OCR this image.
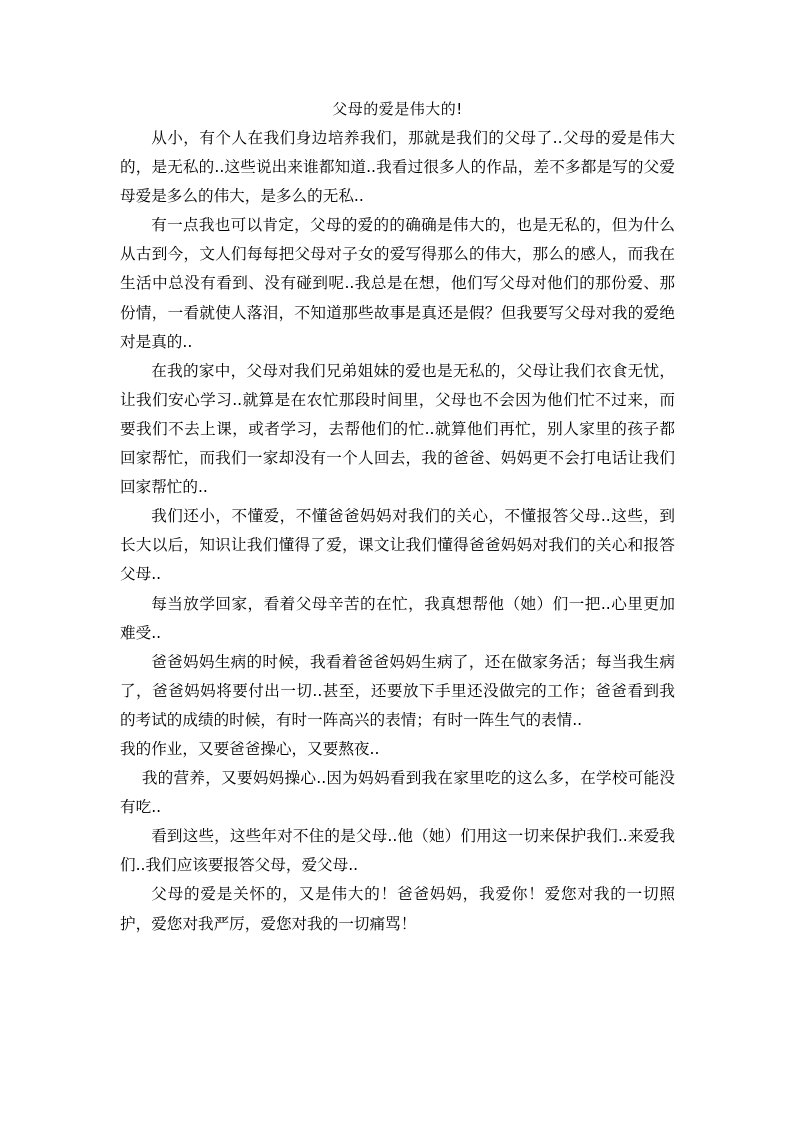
父母的爱是伟大的!

从小，有个人在我们身边培养我们，那就是我们的父母了..父母的爱是伟大的，是无私的..这些说出来谁都知道..我看过很多人的作品，差不多都是写的父爱母爱是多么的伟大，是多么的无私..

有一点我也可以肯定，父母的爱的的确确是伟大的，也是无私的，但为什么从古到今，文人们每每把父母对子女的爱写得那么的伟大，那么的感人，而我在生活中总没有看到、没有碰到呢..我总是在想，他们写父母对他们的那份爱、那份情，一看就使人落泪，不知道那些故事是真还是假？但我要写父母对我的爱绝对是真的..

在我的家中，父母对我们兄弟姐妹的爱也是无私的，父母让我们衣食无忧，让我们安心学习..就算是在农忙那段时间里，父母也不会因为他们忙不过来，而要我们不去上课，或者学习，去帮他们的忙..就算他们再忙，别人家里的孩子都回家帮忙，而我们一家却没有一个人回去，我的爸爸、妈妈更不会打电话让我们回家帮忙的..

我们还小，不懂爱，不懂爸爸妈妈对我们的关心，不懂报答父母..这些，到长大以后，知识让我们懂得了爱，课文让我们懂得爸爸妈妈对我们的关心和报答父母..

每当放学回家，看着父母辛苦的在忙，我真想帮他（她）们一把..心里更加难受..

爸爸妈妈生病的时候，我看着爸爸妈妈生病了，还在做家务活；每当我生病了，爸爸妈妈将要付出一切..甚至，还要放下手里还没做完的工作；爸爸看到我的考试的成绩的时候，有时一阵高兴的表情；有时一阵生气的表情..

我的作业，又要爸爸操心，又要熬夜..

我的营养，又要妈妈操心..因为妈妈看到我在家里吃的这么多，在学校可能没有吃..

看到这些，这些年对不住的是父母..他（她）们用这一切来保护我们..来爱我们..我们应该要报答父母，爱父母..

父母的爱是关怀的，又是伟大的！爸爸妈妈，我爱你！爱您对我的一切照护，爱您对我严厉，爱您对我的一切痛骂！
